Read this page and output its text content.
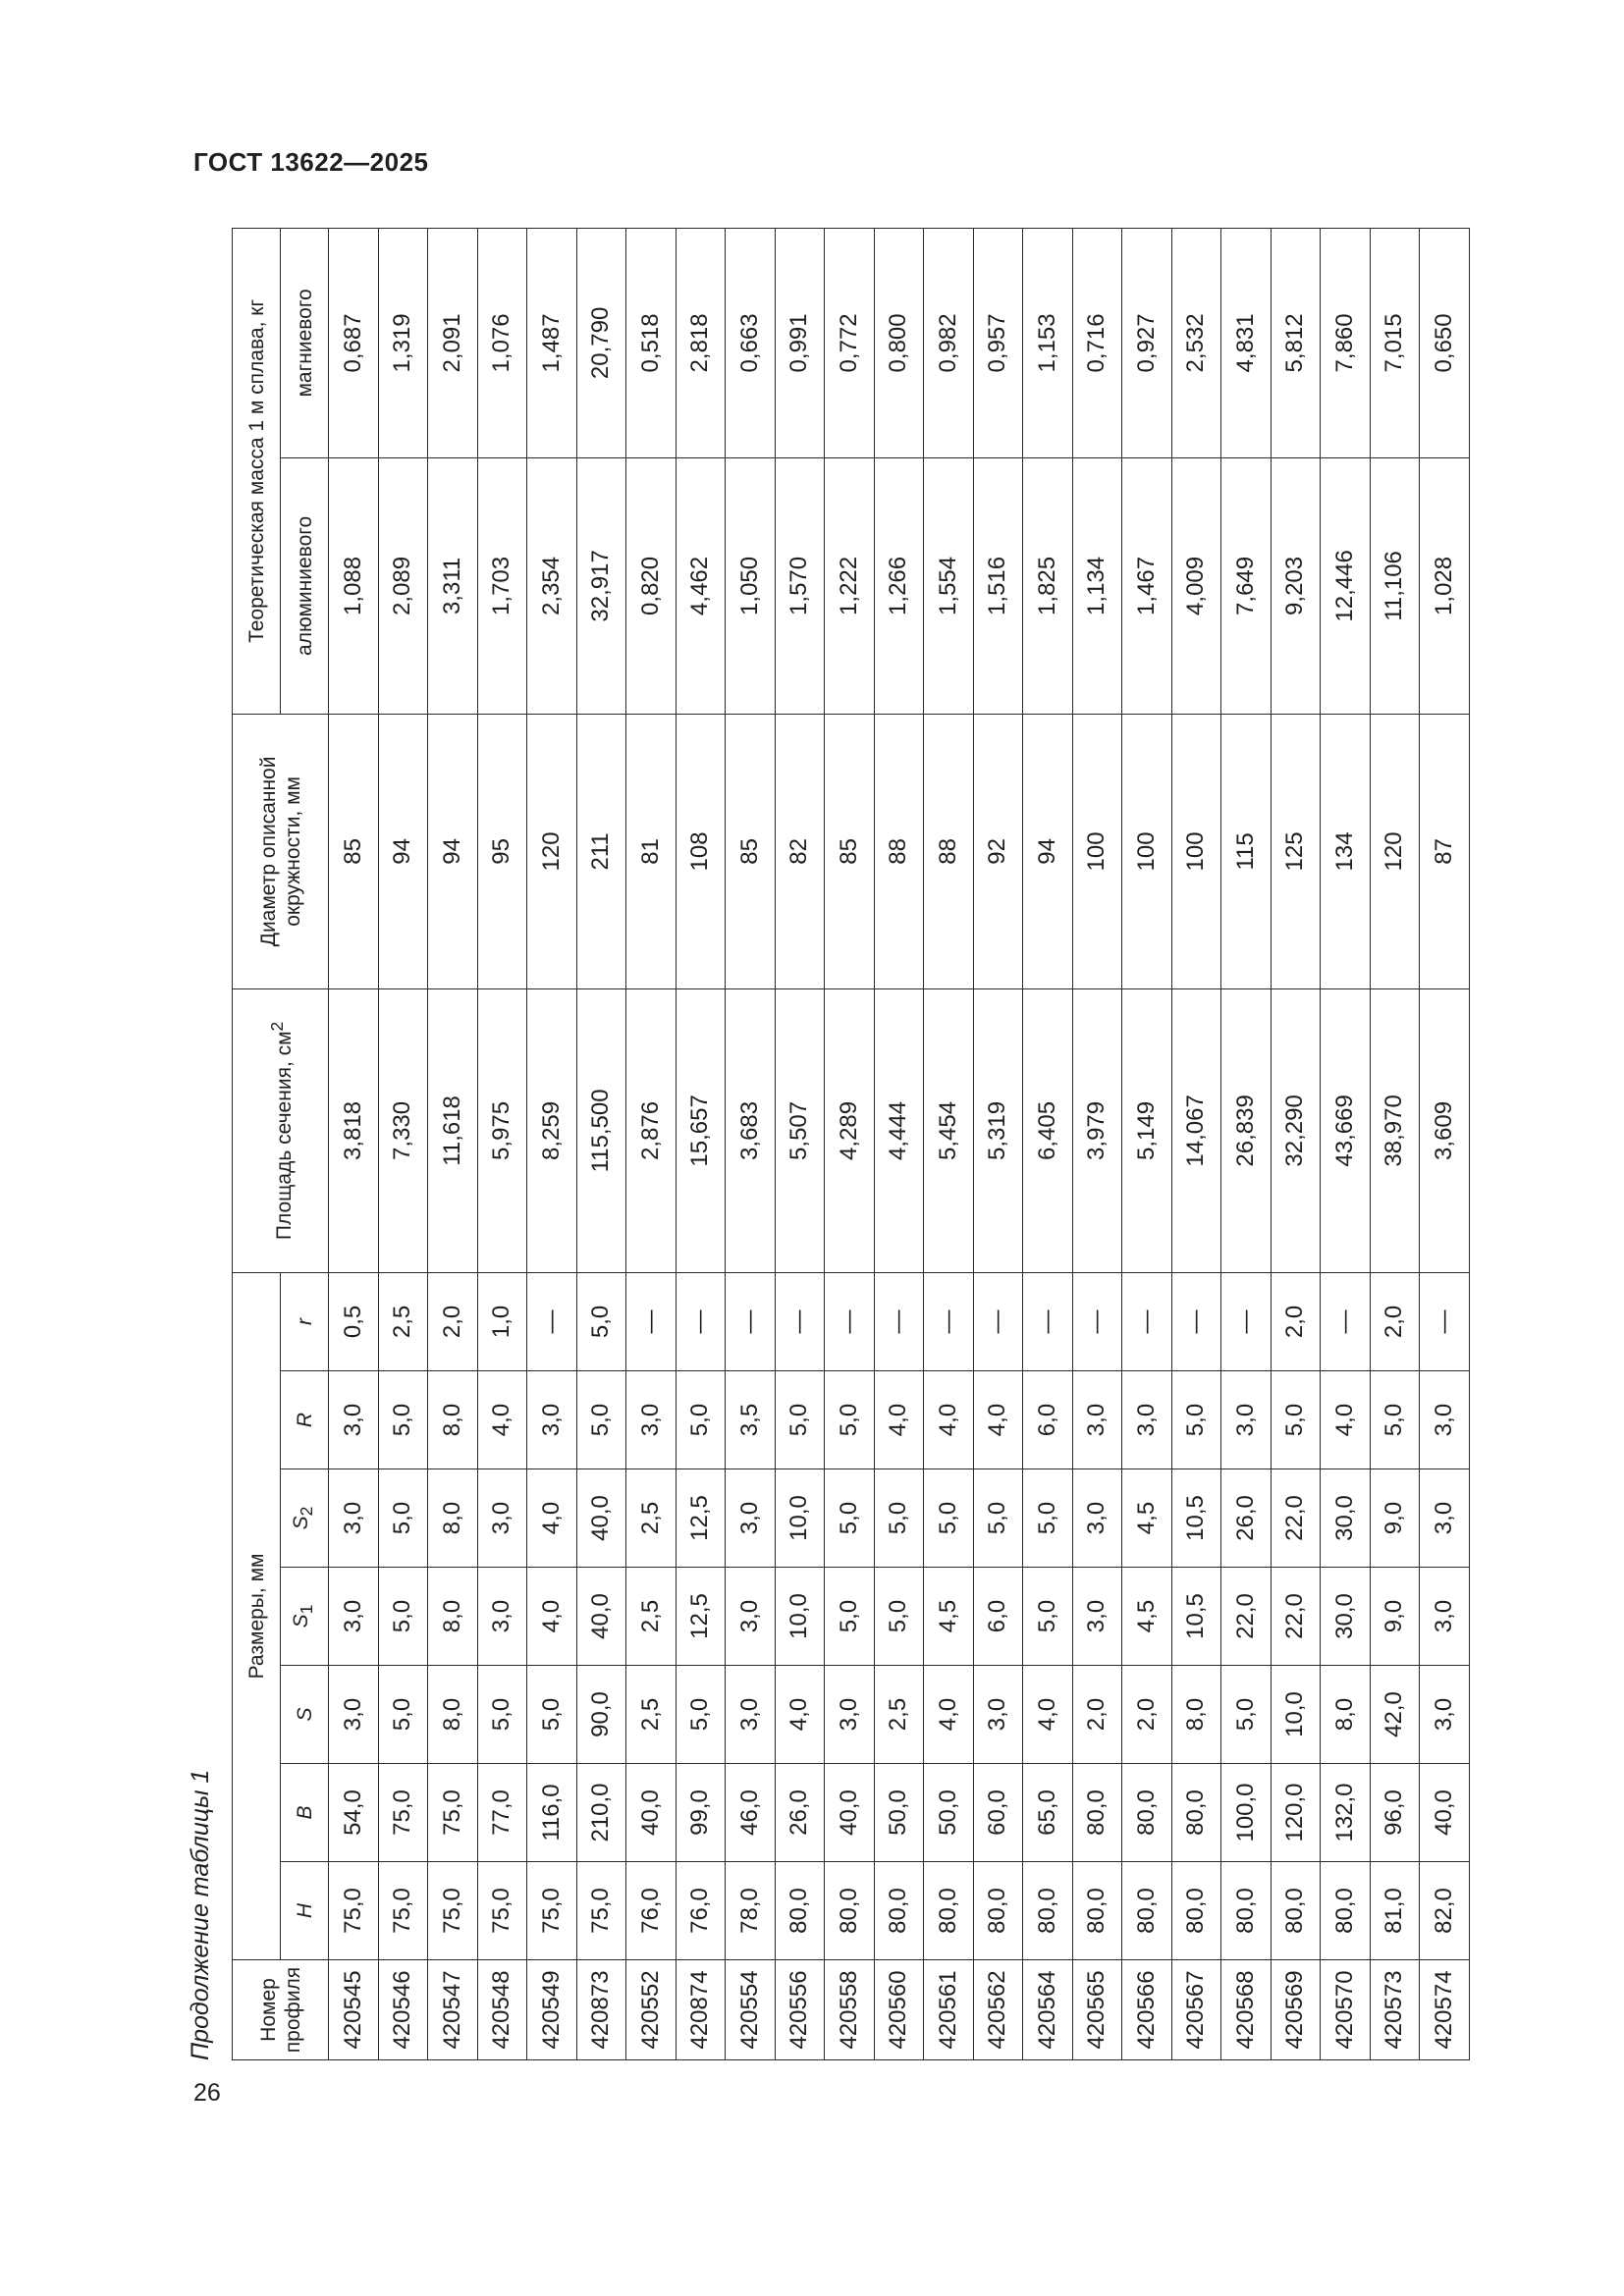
ГОСТ 13622—2025
Продолжение таблицы 1 Номер профиля	Размеры, мм							Площадь сечения, $см^2$	Диаметр описанной окружности, мм	Теоретическая масса 1 м сплава, кг	
	H	B	S	$S_1$	$S_2$	R	r			алюминиевого	магниевого
420545	75,0	54,0	3,0	3,0	3,0	3,0	0,5	3,818	85	1,088	0,687
420546	75,0	75,0	5,0	5,0	5,0	5,0	2,5	7,330	94	2,089	1,319
420547	75,0	75,0	8,0	8,0	8,0	8,0	2,0	11,618	94	3,311	2,091
420548	75,0	77,0	5,0	3,0	3,0	4,0	1,0	5,975	95	1,703	1,076
420549	75,0	116,0	5,0	4,0	4,0	3,0	—	8,259	120	2,354	1,487
420873	75,0	210,0	90,0	40,0	40,0	5,0	5,0	115,500	211	32,917	20,790
420552	76,0	40,0	2,5	2,5	2,5	3,0	—	2,876	81	0,820	0,518
420874	76,0	99,0	5,0	12,5	12,5	5,0	—	15,657	108	4,462	2,818
420554	78,0	46,0	3,0	3,0	3,0	3,5	—	3,683	85	1,050	0,663
420556	80,0	26,0	4,0	10,0	10,0	5,0	—	5,507	82	1,570	0,991
420558	80,0	40,0	3,0	5,0	5,0	5,0	—	4,289	85	1,222	0,772
420560	80,0	50,0	2,5	5,0	5,0	4,0	—	4,444	88	1,266	0,800
420561	80,0	50,0	4,0	4,5	5,0	4,0	—	5,454	88	1,554	0,982
420562	80,0	60,0	3,0	6,0	5,0	4,0	—	5,319	92	1,516	0,957
420564	80,0	65,0	4,0	5,0	5,0	6,0	—	6,405	94	1,825	1,153
420565	80,0	80,0	2,0	3,0	3,0	3,0	—	3,979	100	1,134	0,716
420566	80,0	80,0	2,0	4,5	4,5	3,0	—	5,149	100	1,467	0,927
420567	80,0	80,0	8,0	10,5	10,5	5,0	—	14,067	100	4,009	2,532
420568	80,0	100,0	5,0	22,0	26,0	3,0	—	26,839	115	7,649	4,831
420569	80,0	120,0	10,0	22,0	22,0	5,0	2,0	32,290	125	9,203	5,812
420570	80,0	132,0	8,0	30,0	30,0	4,0	—	43,669	134	12,446	7,860
420573	81,0	96,0	42,0	9,0	9,0	5,0	2,0	38,970	120	11,106	7,015
420574	82,0	40,0	3,0	3,0	3,0	3,0	—	3,609	87	1,028	0,650
26
